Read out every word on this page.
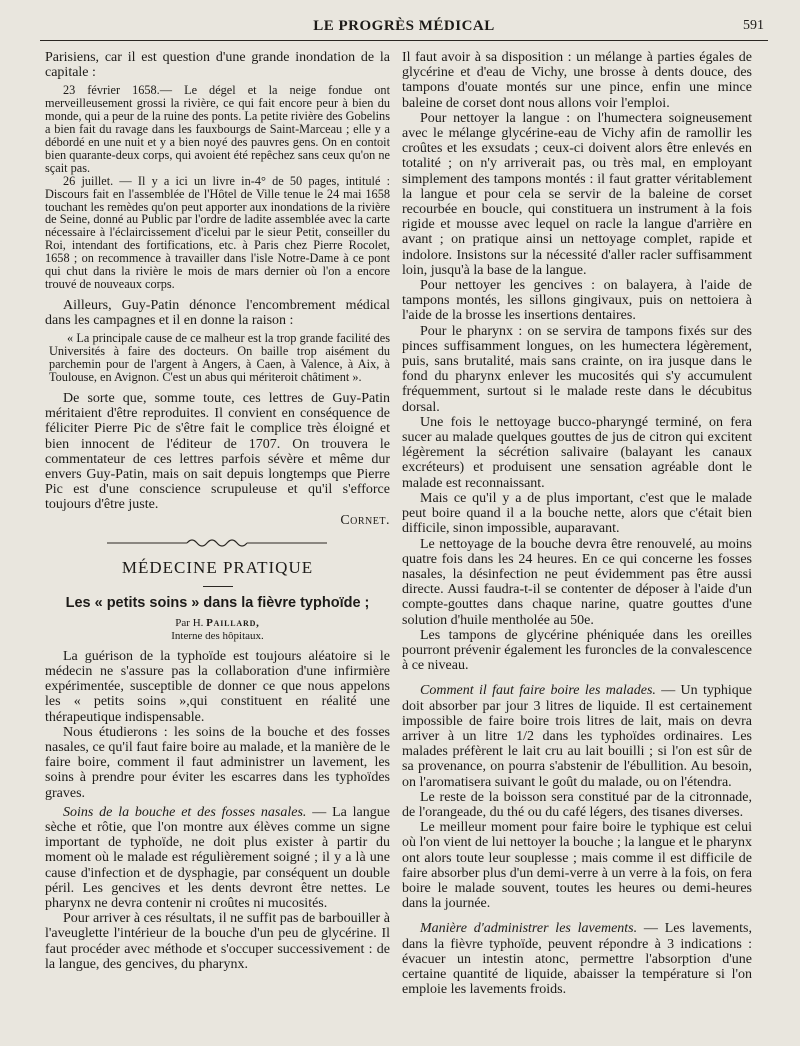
LE PROGRÈS MÉDICAL	591

Parisiens, car il est question d'une grande inondation de la capitale :

23 février 1658.— Le dégel et la neige fondue ont merveilleusement grossi la rivière, ce qui fait encore peur à bien du monde, qui a peur de la ruine des ponts. La petite rivière des Gobelins a bien fait du ravage dans les fauxbourgs de Saint-Marceau ; elle y a débordé en une nuit et y a bien noyé des pauvres gens. On en contoit bien quarante-deux corps, qui avoient été repêchez sans ceux qu'on ne sçait pas.

26 juillet. — Il y a ici un livre in-4° de 50 pages, intitulé : Discours fait en l'assemblée de l'Hôtel de Ville tenue le 24 mai 1658 touchant les remèdes qu'on peut apporter aux inondations de la rivière de Seine, donné au Public par l'ordre de ladite assemblée avec la carte nécessaire à l'éclaircissement d'icelui par le sieur Petit, conseiller du Roi, intendant des fortifications, etc. à Paris chez Pierre Rocolet, 1658 ; on recommence à travailler dans l'isle Notre-Dame à ce pont qui chut dans la rivière le mois de mars dernier où l'on a encore trouvé de nouveaux corps.

Ailleurs, Guy-Patin dénonce l'encombrement médical dans les campagnes et il en donne la raison :

« La principale cause de ce malheur est la trop grande facilité des Universités à faire des docteurs. On baille trop aisément du parchemin pour de l'argent à Angers, à Caen, à Valence, à Aix, à Toulouse, en Avignon. C'est un abus qui mériteroit châtiment ».

De sorte que, somme toute, ces lettres de Guy-Patin méritaient d'être reproduites. Il convient en conséquence de féliciter Pierre Pic de s'être fait le complice très éloigné et bien innocent de l'éditeur de 1707. On trouvera le commentateur de ces lettres parfois sévère et même dur envers Guy-Patin, mais on sait depuis longtemps que Pierre Pic est d'une conscience scrupuleuse et qu'il s'efforce toujours d'être juste.

Cornet.

MÉDECINE PRATIQUE
Les « petits soins » dans la fièvre typhoïde ;
Par H. Paillard,
Interne des hôpitaux.

La guérison de la typhoïde est toujours aléatoire si le médecin ne s'assure pas la collaboration d'une infirmière expérimentée, susceptible de donner ce que nous appelons les « petits soins »,qui constituent en réalité une thérapeutique indispensable.

Nous étudierons : les soins de la bouche et des fosses nasales, ce qu'il faut faire boire au malade, et la manière de le faire boire, comment il faut administrer un lavement, les soins à prendre pour éviter les escarres dans les typhoïdes graves.

Soins de la bouche et des fosses nasales. — La langue sèche et rôtie, que l'on montre aux élèves comme un signe important de typhoïde, ne doit plus exister à partir du moment où le malade est régulièrement soigné ; il y a là une cause d'infection et de dysphagie, par conséquent un double péril. Les gencives et les dents devront être nettes. Le pharynx ne devra contenir ni croûtes ni mucosités.

Pour arriver à ces résultats, il ne suffit pas de barbouiller à l'aveuglette l'intérieur de la bouche d'un peu de glycérine. Il faut procéder avec méthode et s'occuper successivement : de la langue, des gencives, du pharynx.

Il faut avoir à sa disposition : un mélange à parties égales de glycérine et d'eau de Vichy, une brosse à dents douce, des tampons d'ouate montés sur une pince, enfin une mince baleine de corset dont nous allons voir l'emploi.

Pour nettoyer la langue : on l'humectera soigneusement avec le mélange glycérine-eau de Vichy afin de ramollir les croûtes et les exsudats ; ceux-ci doivent alors être enlevés en totalité ; on n'y arriverait pas, ou très mal, en employant simplement des tampons montés : il faut gratter véritablement la langue et pour cela se servir de la baleine de corset recourbée en boucle, qui constituera un instrument à la fois rigide et mousse avec lequel on racle la langue d'arrière en avant ; on pratique ainsi un nettoyage complet, rapide et indolore. Insistons sur la nécessité d'aller racler suffisamment loin, jusqu'à la base de la langue.

Pour nettoyer les gencives : on balayera, à l'aide de tampons montés, les sillons gingivaux, puis on nettoiera à l'aide de la brosse les insertions dentaires.

Pour le pharynx : on se servira de tampons fixés sur des pinces suffisamment longues, on les humectera légèrement, puis, sans brutalité, mais sans crainte, on ira jusque dans le fond du pharynx enlever les mucosités qui s'y accumulent fréquemment, surtout si le malade reste dans le décubitus dorsal.

Une fois le nettoyage bucco-pharyngé terminé, on fera sucer au malade quelques gouttes de jus de citron qui excitent légèrement la sécrétion salivaire (balayant les canaux excréteurs) et produisent une sensation agréable dont le malade est reconnaissant.

Mais ce qu'il y a de plus important, c'est que le malade peut boire quand il a la bouche nette, alors que c'était bien difficile, sinon impossible, auparavant.

Le nettoyage de la bouche devra être renouvelé, au moins quatre fois dans les 24 heures. En ce qui concerne les fosses nasales, la désinfection ne peut évidemment pas être aussi directe. Aussi faudra-t-il se contenter de déposer à l'aide d'un compte-gouttes dans chaque narine, quatre gouttes d'une solution d'huile mentholée au 50e.

Les tampons de glycérine phéniquée dans les oreilles pourront prévenir également les furoncles de la convalescence à ce niveau.

Comment il faut faire boire les malades. — Un typhique doit absorber par jour 3 litres de liquide. Il est certainement impossible de faire boire trois litres de lait, mais on devra arriver à un litre 1/2 dans les typhoïdes ordinaires. Les malades préfèrent le lait cru au lait bouilli ; si l'on est sûr de sa provenance, on pourra s'abstenir de l'ébullition. Au besoin, on l'aromatisera suivant le goût du malade, ou on l'étendra.

Le reste de la boisson sera constitué par de la citronnade, de l'orangeade, du thé ou du café légers, des tisanes diverses.

Le meilleur moment pour faire boire le typhique est celui où l'on vient de lui nettoyer la bouche ; la langue et le pharynx ont alors toute leur souplesse ; mais comme il est difficile de faire absorber plus d'un demi-verre à un verre à la fois, on fera boire le malade souvent, toutes les heures ou demi-heures dans la journée.

Manière d'administrer les lavements. — Les lavements, dans la fièvre typhoïde, peuvent répondre à 3 indications : évacuer un intestin atonc, permettre l'absorption d'une certaine quantité de liquide, abaisser la température si l'on emploie les lavements froids.
